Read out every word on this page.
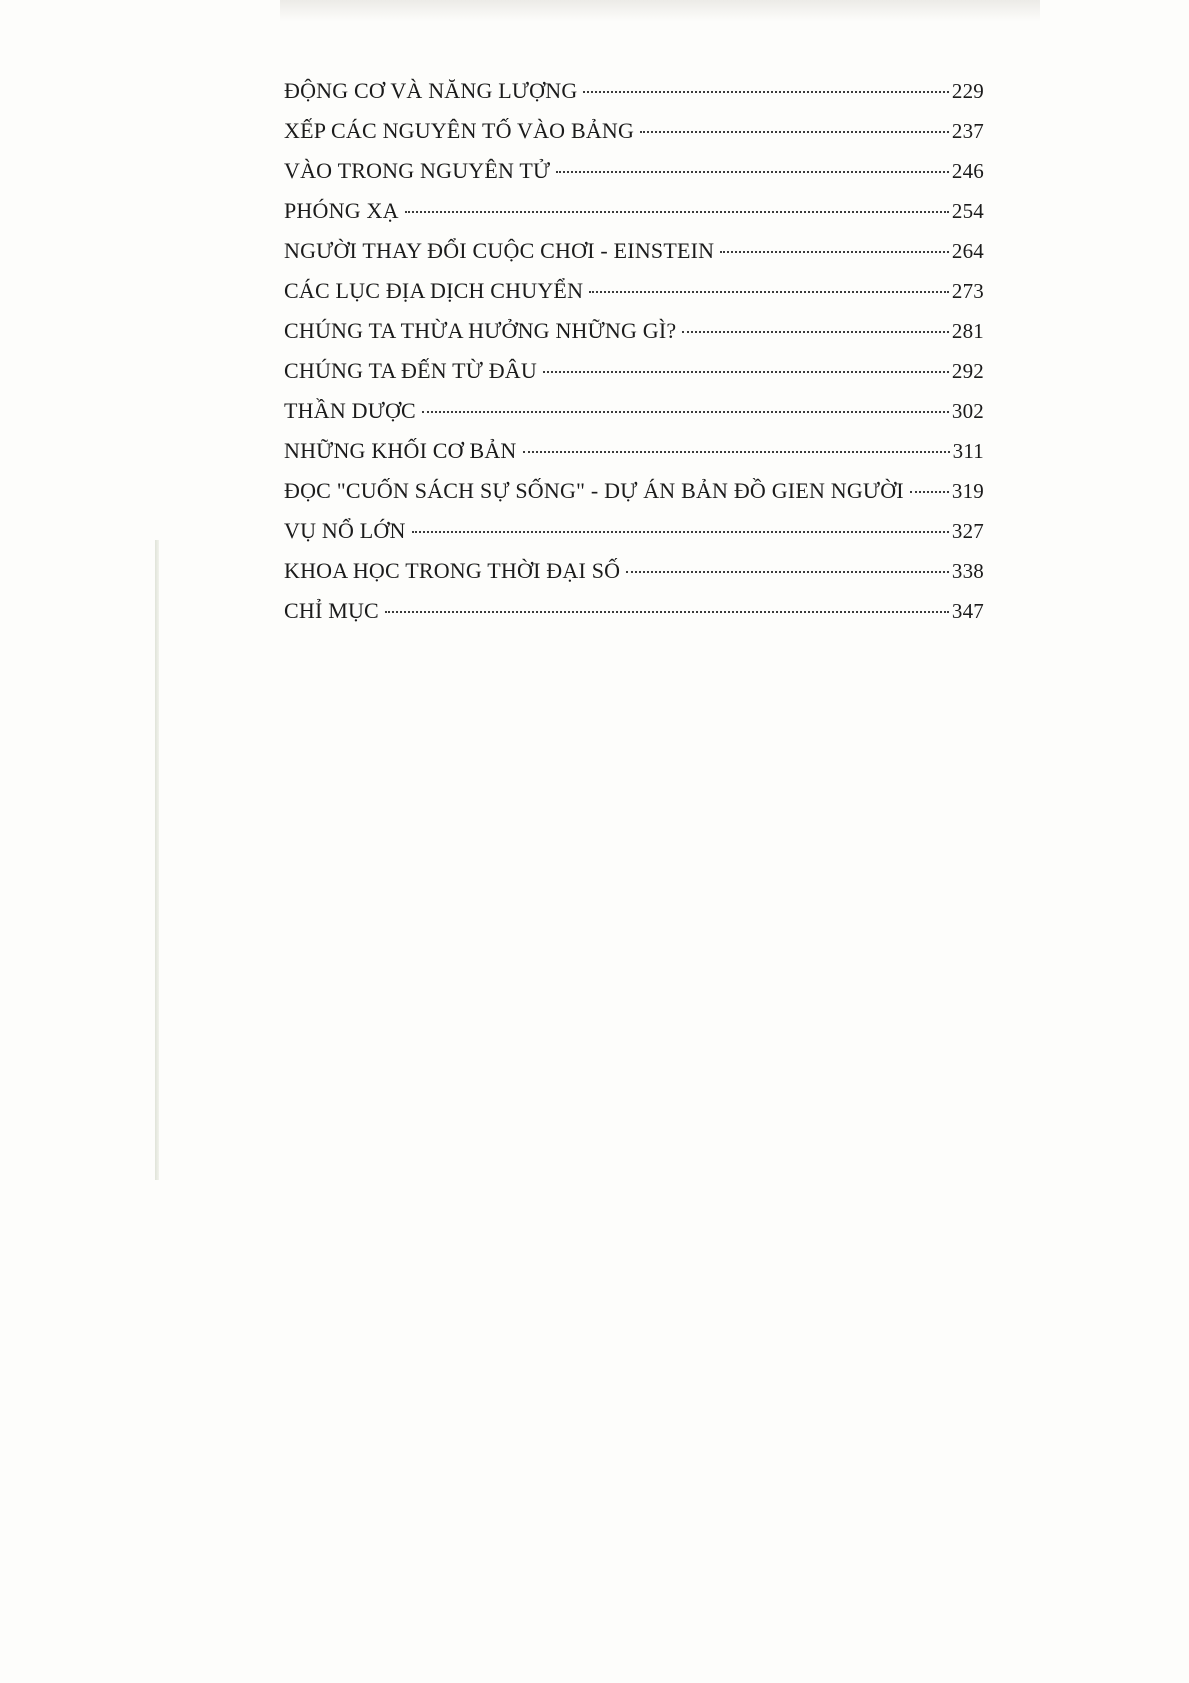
ĐỘNG CƠ VÀ NĂNG LƯỢNG	229
XẾP CÁC NGUYÊN TỐ VÀO BẢNG	237
VÀO TRONG NGUYÊN TỬ	246
PHÓNG XẠ	254
NGƯỜI THAY ĐỔI CUỘC CHƠI - EINSTEIN	264
CÁC LỤC ĐỊA DỊCH CHUYỂN	273
CHÚNG TA THỪA HƯỞNG NHỮNG GÌ?	281
CHÚNG TA ĐẾN TỪ ĐÂU	292
THẦN DƯỢC	302
NHỮNG KHỐI CƠ BẢN	311
ĐỌC "CUỐN SÁCH SỰ SỐNG" - DỰ ÁN BẢN ĐỒ GIEN NGƯỜI 319
VỤ NỔ LỚN	327
KHOA HỌC TRONG THỜI ĐẠI SỐ	338
CHỈ MỤC	347
